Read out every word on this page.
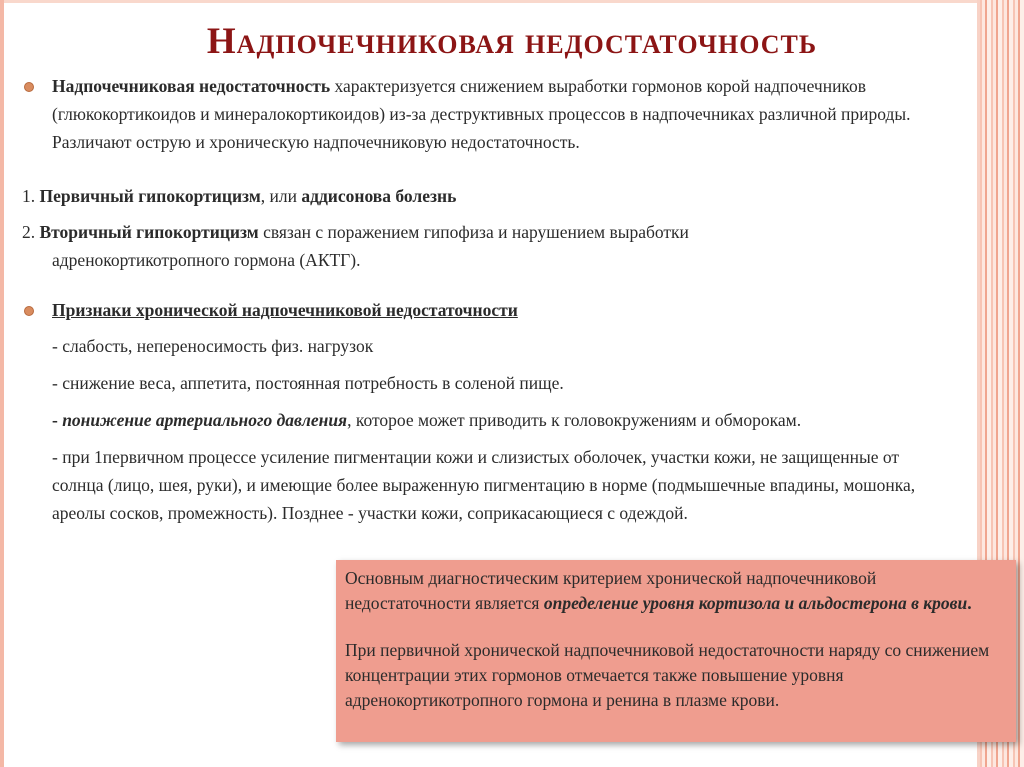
Надпочечниковая недостаточность
Надпочечниковая недостаточность характеризуется снижением выработки гормонов корой надпочечников (глюкокортикоидов и минералокортикоидов) из-за деструктивных процессов в надпочечниках различной природы. Различают острую и хроническую надпочечниковую недостаточность.
1. Первичный гипокортицизм, или аддисонова болезнь
2. Вторичный гипокортицизм связан с поражением гипофиза и нарушением выработки
адренокортикотропного гормона (АКТГ).
Признаки хронической надпочечниковой недостаточности
- слабость, непереносимость физ. нагрузок
- снижение веса, аппетита, постоянная потребность в соленой пище.
- понижение артериального давления, которое может приводить к головокружениям и обморокам.
- при 1первичном процессе усиление пигментации кожи и слизистых оболочек, участки кожи, не защищенные от солнца (лицо, шея, руки), и имеющие более выраженную пигментацию в норме (подмышечные впадины, мошонка, ареолы сосков, промежность). Позднее - участки кожи, соприкасающиеся с одеждой.

Основным диагностическим критерием хронической надпочечниковой недостаточности является определение уровня кортизола и альдостерона в крови.

При первичной хронической надпочечниковой недостаточности наряду со снижением концентрации этих гормонов отмечается также повышение уровня адренокортикотропного гормона и ренина в плазме крови.
